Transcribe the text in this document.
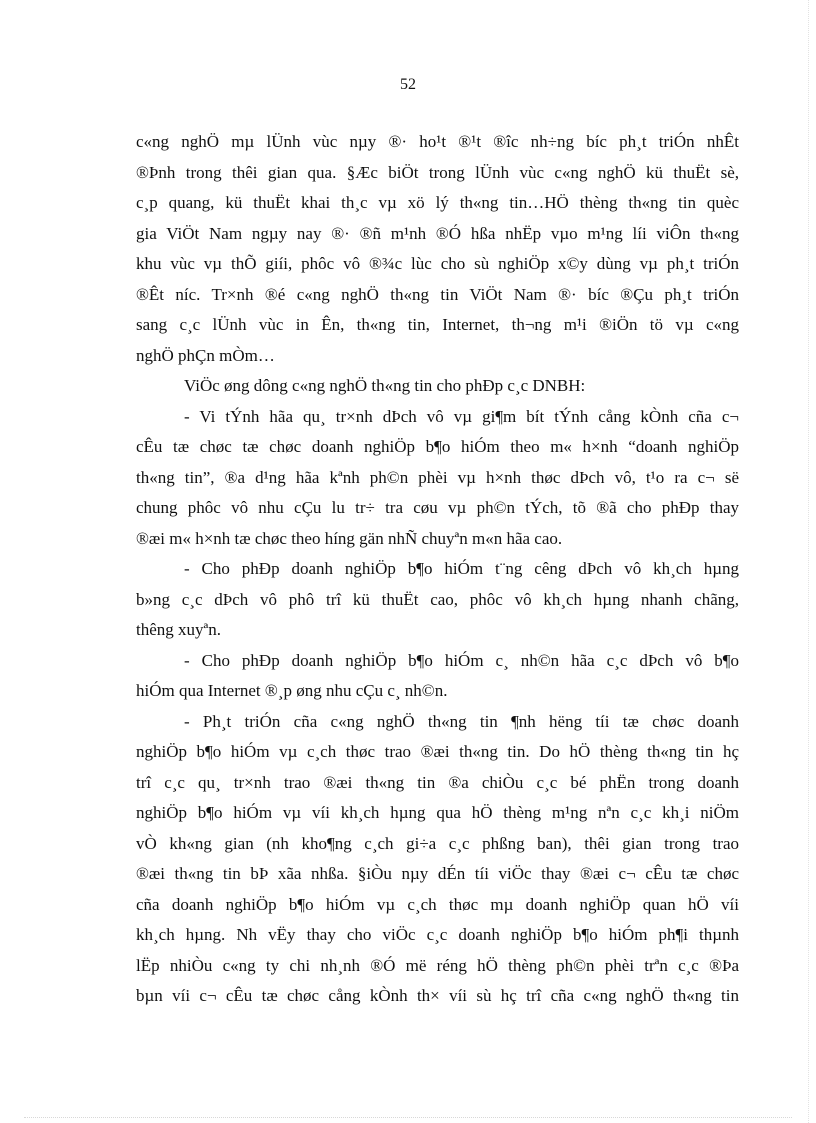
52
c«ng nghÖ mµ lÜnh vùc nµy ®· ho¹t ®¹t ®îc nh÷ng bíc ph¸t triÓn nhÊt
®Þnh trong thêi gian qua. §Æc biÖt trong lÜnh vùc c«ng nghÖ kü thuËt sè,
c¸p quang, kü thuËt khai th¸c vµ xö lý th«ng tin…HÖ thèng th«ng tin quèc
gia ViÖt Nam ngµy nay ®· ®ñ m¹nh ®Ó hßa nhËp vµo m¹ng líi viÔn th«ng
khu vùc vµ thÕ giíi, phôc vô ®¾c lùc cho sù nghiÖp x©y dùng vµ ph¸t triÓn
®Êt níc. Tr×nh ®é c«ng nghÖ th«ng tin ViÖt Nam ®· bíc ®Çu ph¸t triÓn
sang c¸c lÜnh vùc in Ên, th«ng tin, Internet, th¬ng m¹i ®iÖn tö vµ c«ng
nghÖ phÇn mÒm…
ViÖc øng dông c«ng nghÖ th«ng tin cho phÐp c¸c DNBH:
- Vi tÝnh hãa qu¸ tr×nh dÞch vô vµ gi¶m bít tÝnh cång kÒnh cña c¬
cÊu tæ chøc tæ chøc doanh nghiÖp b¶o hiÓm theo m« h×nh “doanh nghiÖp
th«ng tin”, ®a d¹ng hãa kªnh ph©n phèi vµ h×nh thøc dÞch vô, t¹o ra c¬ së
chung phôc vô nhu cÇu lu tr÷ tra cøu vµ ph©n tÝch, tõ ®ã cho phÐp thay
®æi m« h×nh tæ chøc theo híng gän nhÑ chuyªn m«n hãa cao.
- Cho phÐp doanh nghiÖp b¶o hiÓm t¨ng cêng dÞch vô kh¸ch hµng
b»ng c¸c dÞch vô phô trî kü thuËt cao, phôc vô kh¸ch hµng nhanh chãng,
thêng xuyªn.
- Cho phÐp doanh nghiÖp b¶o hiÓm c¸ nh©n hãa c¸c dÞch vô b¶o
hiÓm qua Internet ®¸p øng nhu cÇu c¸ nh©n.
- Ph¸t triÓn cña c«ng nghÖ th«ng tin ¶nh hëng tíi tæ chøc doanh
nghiÖp b¶o hiÓm vµ c¸ch thøc trao ®æi th«ng tin. Do hÖ thèng th«ng tin hç
trî c¸c qu¸ tr×nh trao ®æi th«ng tin ®a chiÒu c¸c bé phËn trong doanh
nghiÖp b¶o hiÓm vµ víi kh¸ch hµng qua hÖ thèng m¹ng nªn c¸c kh¸i niÖm
vÒ kh«ng gian (nh kho¶ng c¸ch gi÷a c¸c phßng ban), thêi gian trong trao
®æi th«ng tin bÞ xãa nhßa. §iÒu nµy dÉn tíi viÖc thay ®æi c¬ cÊu tæ chøc
cña doanh nghiÖp b¶o hiÓm vµ c¸ch thøc mµ doanh nghiÖp quan hÖ víi
kh¸ch hµng. Nh vËy thay cho viÖc c¸c doanh nghiÖp b¶o hiÓm ph¶i thµnh
lËp nhiÒu c«ng ty chi nh¸nh ®Ó më réng hÖ thèng ph©n phèi trªn c¸c ®Þa
bµn víi c¬ cÊu tæ chøc cång kÒnh th× víi sù hç trî cña c«ng nghÖ th«ng tin
